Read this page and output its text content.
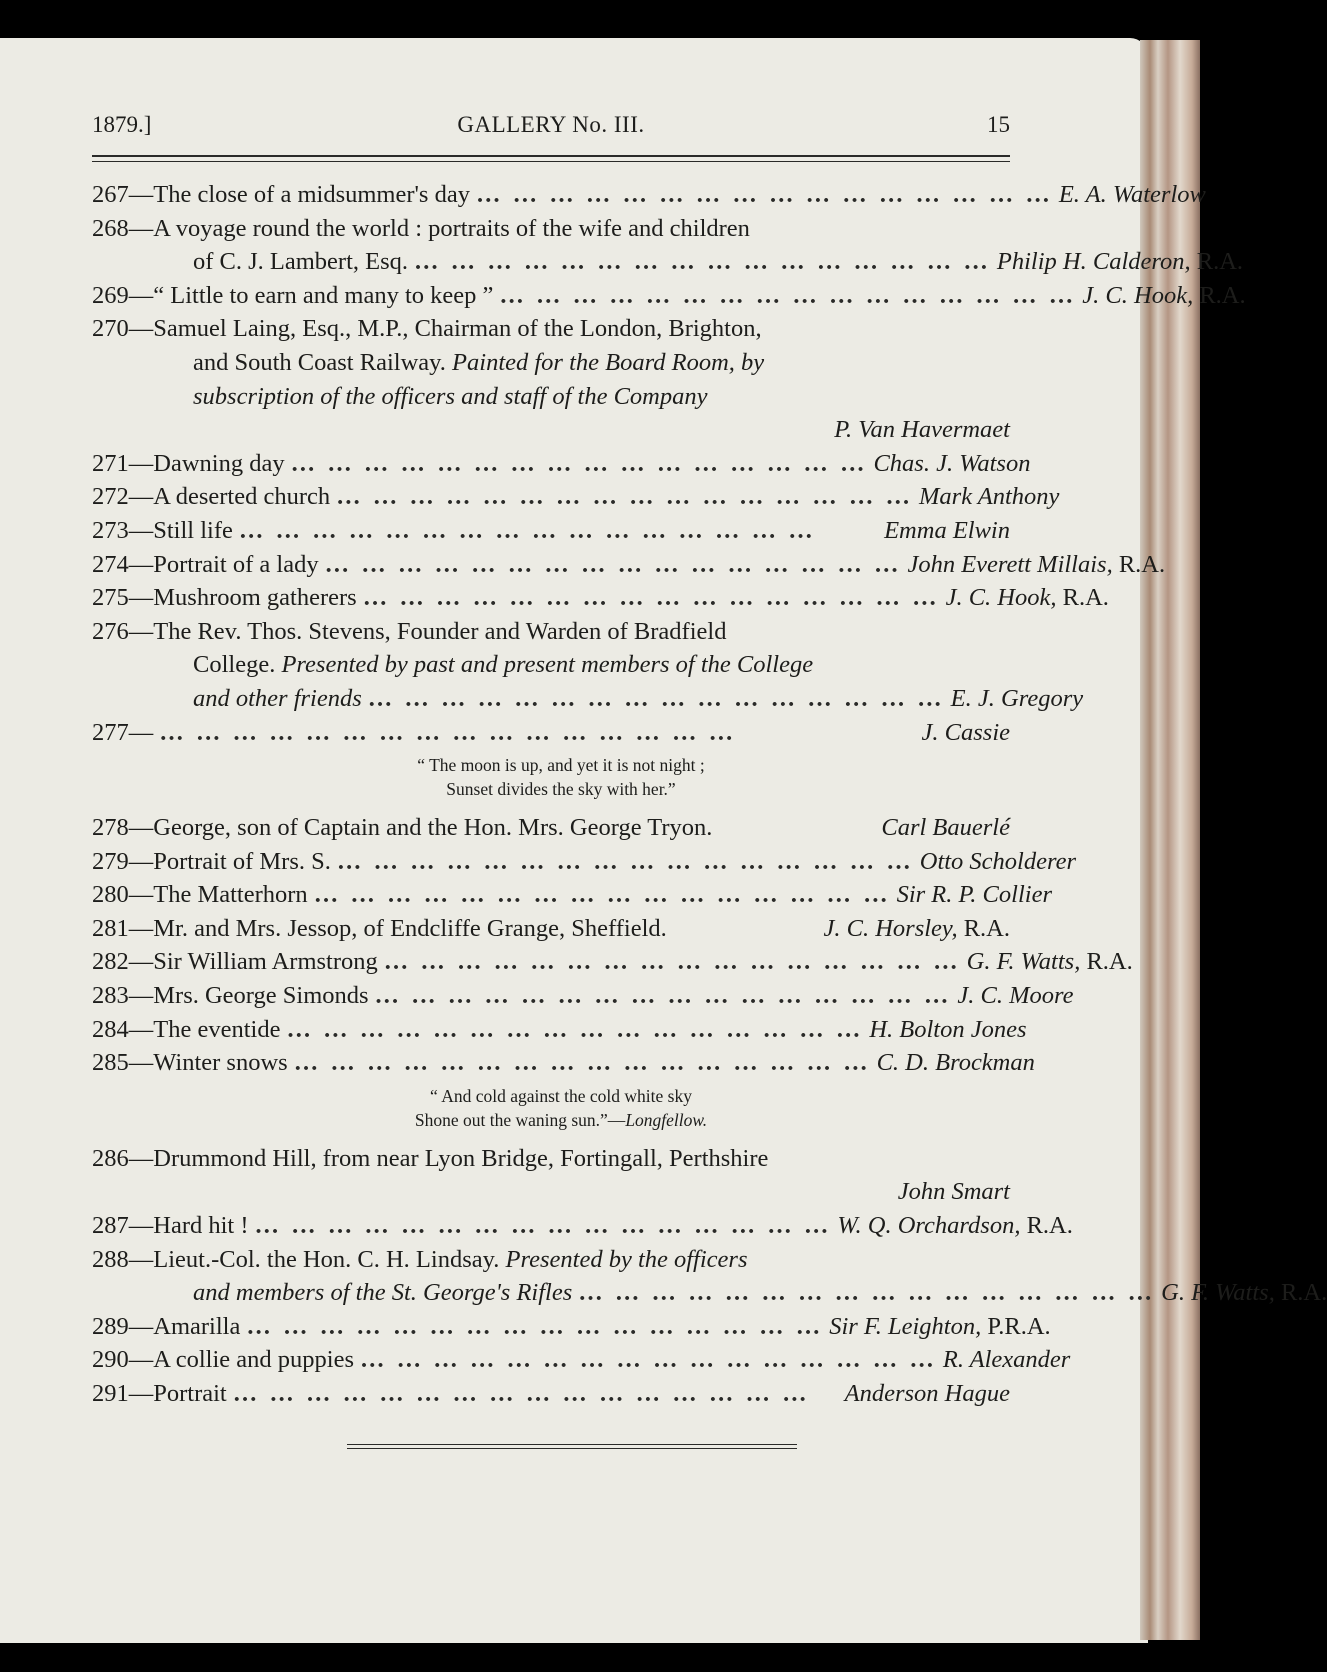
1879.]	GALLERY No. III.	15
267—The close of a midsummer's day … … … … … … … … … … … … … … … … E. A. Waterlow
268—A voyage round the world : portraits of the wife and children
of C. J. Lambert, Esq. … … … … … … … … … … … … … … … … Philip H. Calderon, R.A.
269—“ Little to earn and many to keep ” … … … … … … … … … … … … … … … … J. C. Hook, R.A.
270—Samuel Laing, Esq., M.P., Chairman of the London, Brighton,
and South Coast Railway. Painted for the Board Room, by
subscription of the officers and staff of the Company
P. Van Havermaet
271—Dawning day … … … … … … … … … … … … … … … … Chas. J. Watson
272—A deserted church … … … … … … … … … … … … … … … … Mark Anthony
273—Still life … … … … … … … … … … … … … … … …	Emma Elwin
274—Portrait of a lady … … … … … … … … … … … … … … … … John Everett Millais, R.A.
275—Mushroom gatherers … … … … … … … … … … … … … … … … J. C. Hook, R.A.
276—The Rev. Thos. Stevens, Founder and Warden of Bradfield
College. Presented by past and present members of the College
and other friends … … … … … … … … … … … … … … … … E. J. Gregory
277— … … … … … … … … … … … … … … … …	J. Cassie
“ The moon is up, and yet it is not night ;
Sunset divides the sky with her.”
278—George, son of Captain and the Hon. Mrs. George Tryon.	Carl Bauerlé
279—Portrait of Mrs. S. … … … … … … … … … … … … … … … … Otto Scholderer
280—The Matterhorn … … … … … … … … … … … … … … … … Sir R. P. Collier
281—Mr. and Mrs. Jessop, of Endcliffe Grange, Sheffield.	J. C. Horsley, R.A.
282—Sir William Armstrong … … … … … … … … … … … … … … … … G. F. Watts, R.A.
283—Mrs. George Simonds … … … … … … … … … … … … … … … … J. C. Moore
284—The eventide … … … … … … … … … … … … … … … … H. Bolton Jones
285—Winter snows … … … … … … … … … … … … … … … … C. D. Brockman
“ And cold against the cold white sky
Shone out the waning sun.”—Longfellow.
286—Drummond Hill, from near Lyon Bridge, Fortingall, Perthshire
John Smart
287—Hard hit ! … … … … … … … … … … … … … … … … W. Q. Orchardson, R.A.
288—Lieut.-Col. the Hon. C. H. Lindsay. Presented by the officers
and members of the St. George's Rifles … … … … … … … … … … … … … … … … G. F. Watts, R.A.
289—Amarilla … … … … … … … … … … … … … … … … Sir F. Leighton, P.R.A.
290—A collie and puppies … … … … … … … … … … … … … … … … R. Alexander
291—Portrait … … … … … … … … … … … … … … … …	Anderson Hague
